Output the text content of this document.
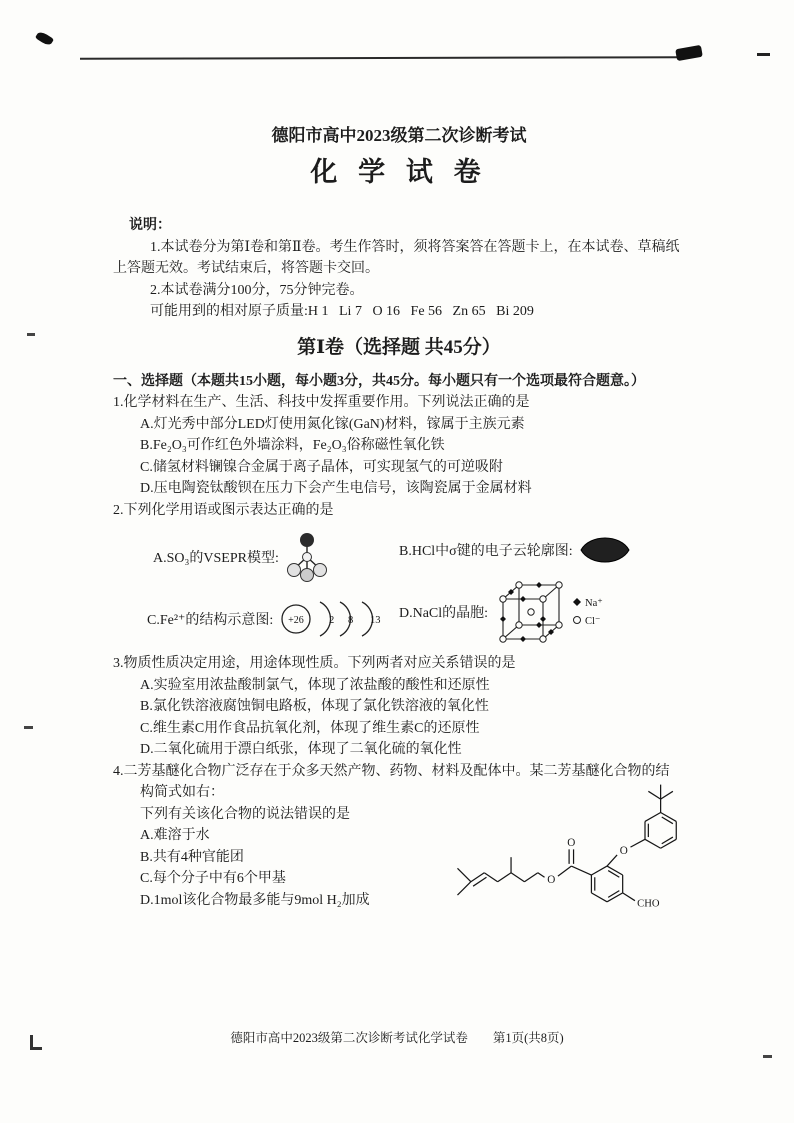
德阳市高中2023级第二次诊断考试
化 学 试 卷
说明：
1.本试卷分为第Ⅰ卷和第Ⅱ卷。考生作答时，须将答案答在答题卡上，在本试卷、草稿纸
上答题无效。考试结束后，将答题卡交回。
2.本试卷满分100分，75分钟完卷。
可能用到的相对原子质量:H 1   Li 7   O 16   Fe 56   Zn 65   Bi 209
第Ⅰ卷（选择题 共45分）
一、选择题（本题共15小题，每小题3分，共45分。每小题只有一个选项最符合题意。）
1.化学材料在生产、生活、科技中发挥重要作用。下列说法正确的是
A.灯光秀中部分LED灯使用氮化镓(GaN)材料，镓属于主族元素
B.Fe₂O₃可作红色外墙涂料，Fe₂O₃俗称磁性氧化铁
C.储氢材料镧镍合金属于离子晶体，可实现氢气的可逆吸附
D.压电陶瓷钛酸钡在压力下会产生电信号，该陶瓷属于金属材料
2.下列化学用语或图示表达正确的是
A.SO₃的VSEPR模型:	B.HCl中σ键的电子云轮廓图:
C.Fe²⁺的结构示意图: +26 2 8 13 D.NaCl的晶胞:
Na⁺
Cl⁻
3.物质性质决定用途，用途体现性质。下列两者对应关系错误的是
A.实验室用浓盐酸制氯气，体现了浓盐酸的酸性和还原性
B.氯化铁溶液腐蚀铜电路板，体现了氯化铁溶液的氧化性
C.维生素C用作食品抗氧化剂，体现了维生素C的还原性
D.二氧化硫用于漂白纸张，体现了二氧化硫的氧化性
4.二芳基醚化合物广泛存在于众多天然产物、药物、材料及配体中。某二芳基醚化合物的结
构简式如右：
下列有关该化合物的说法错误的是
A.难溶于水
B.共有4种官能团
C.每个分子中有6个甲基
D.1mol该化合物最多能与9mol H₂加成
O
O
O
CHO
德阳市高中2023级第二次诊断考试化学试卷　　第1页(共8页)
